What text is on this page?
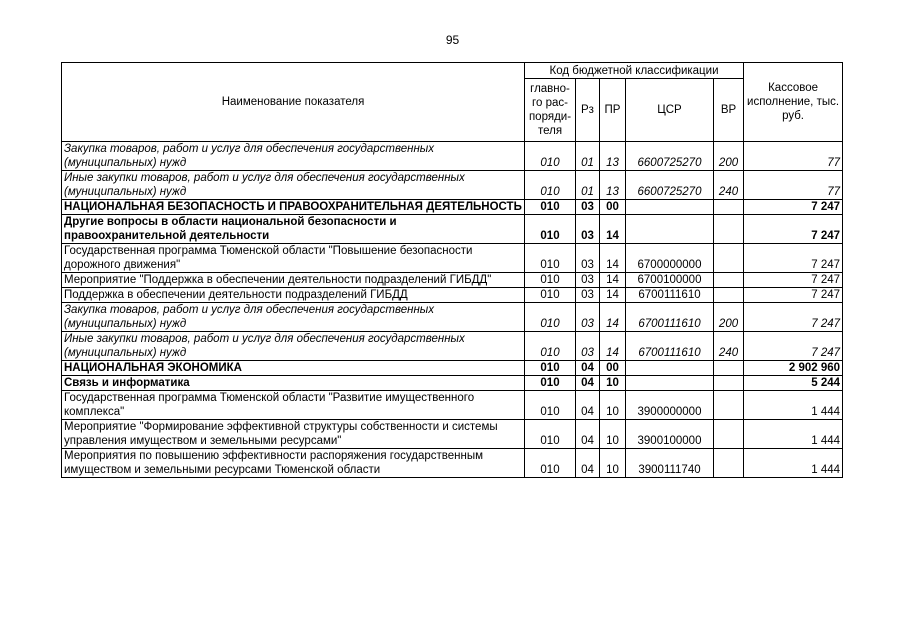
95
Наименование показателя	Код бюджетной классификации					Кассовое исполнение, тыс. руб.
	главно-го рас-поряди-теля	Рз	ПР	ЦСР	ВР	
Закупка товаров, работ и услуг для обеспечения государственных (муниципальных) нужд	010	01	13	6600725270	200	77
Иные закупки товаров, работ и услуг для обеспечения государственных (муниципальных) нужд	010	01	13	6600725270	240	77
НАЦИОНАЛЬНАЯ БЕЗОПАСНОСТЬ И ПРАВООХРАНИТЕЛЬНАЯ ДЕЯТЕЛЬНОСТЬ	010	03	00			7 247
Другие вопросы в области национальной безопасности и правоохранительной деятельности	010	03	14			7 247
Государственная программа Тюменской области "Повышение безопасности дорожного движения"	010	03	14	6700000000		7 247
Мероприятие "Поддержка в обеспечении деятельности подразделений ГИБДД"	010	03	14	6700100000		7 247
Поддержка в обеспечении деятельности подразделений ГИБДД	010	03	14	6700111610		7 247
Закупка товаров, работ и услуг для обеспечения государственных (муниципальных) нужд	010	03	14	6700111610	200	7 247
Иные закупки товаров, работ и услуг для обеспечения государственных (муниципальных) нужд	010	03	14	6700111610	240	7 247
НАЦИОНАЛЬНАЯ ЭКОНОМИКА	010	04	00			2 902 960
Связь и информатика	010	04	10			5 244
Государственная программа Тюменской области "Развитие имущественного комплекса"	010	04	10	3900000000		1 444
Мероприятие "Формирование эффективной структуры собственности и системы управления имуществом и земельными ресурсами"	010	04	10	3900100000		1 444
Мероприятия по повышению эффективности распоряжения государственным имуществом и земельными ресурсами Тюменской области	010	04	10	3900111740		1 444
